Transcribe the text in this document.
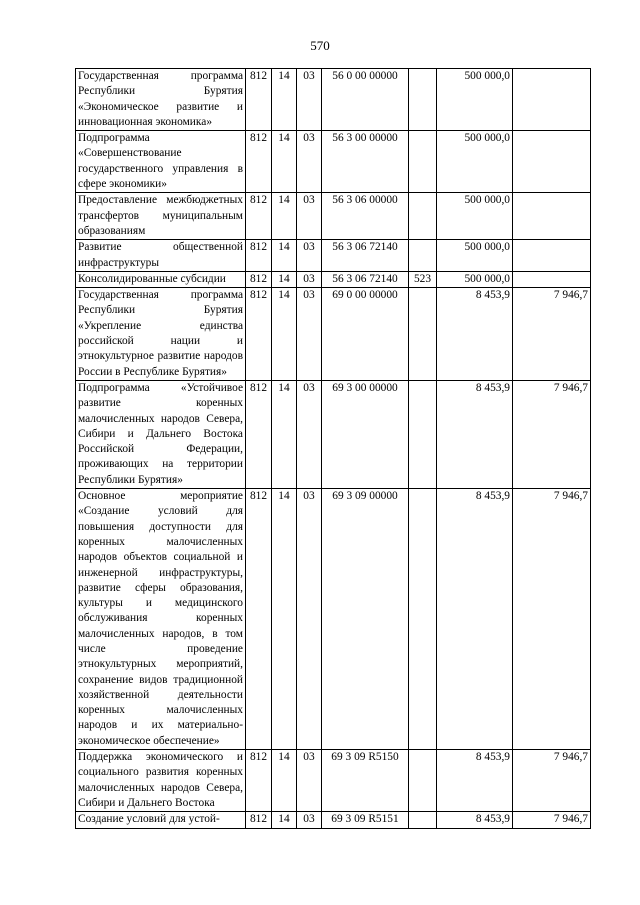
570
Государственная программа Республики Бурятия «Экономическое развитие и инновационная экономика»	812	14	03	56 0 00 00000		500 000,0	
Подпрограмма «Совершенствование государственного управления в сфере экономики»	812	14	03	56 3 00 00000		500 000,0	
Предоставление межбюджетных трансфертов муниципальным образованиям	812	14	03	56 3 06 00000		500 000,0	
Развитие общественной инфраструктуры	812	14	03	56 3 06 72140		500 000,0	
Консолидированные субсидии	812	14	03	56 3 06 72140	523	500 000,0	
Государственная программа Республики Бурятия «Укрепление единства российской нации и этнокультурное развитие народов России в Республике Бурятия»	812	14	03	69 0 00 00000		8 453,9	7 946,7
Подпрограмма «Устойчивое развитие коренных малочисленных народов Севера, Сибири и Дальнего Востока Российской Федерации, проживающих на территории Республики Бурятия»	812	14	03	69 3 00 00000		8 453,9	7 946,7
Основное мероприятие «Создание условий для повышения доступности для коренных малочисленных народов объектов социальной и инженерной инфраструктуры, развитие сферы образования, культуры и медицинского обслуживания коренных малочисленных народов, в том числе проведение этнокультурных мероприятий, сохранение видов традиционной хозяйственной деятельности коренных малочисленных народов и их материально-экономическое обеспечение»	812	14	03	69 3 09 00000		8 453,9	7 946,7
Поддержка экономического и социального развития коренных малочисленных народов Севера, Сибири и Дальнего Востока	812	14	03	69 3 09 R5150		8 453,9	7 946,7
Создание условий для устой-	812	14	03	69 3 09 R5151		8 453,9	7 946,7
